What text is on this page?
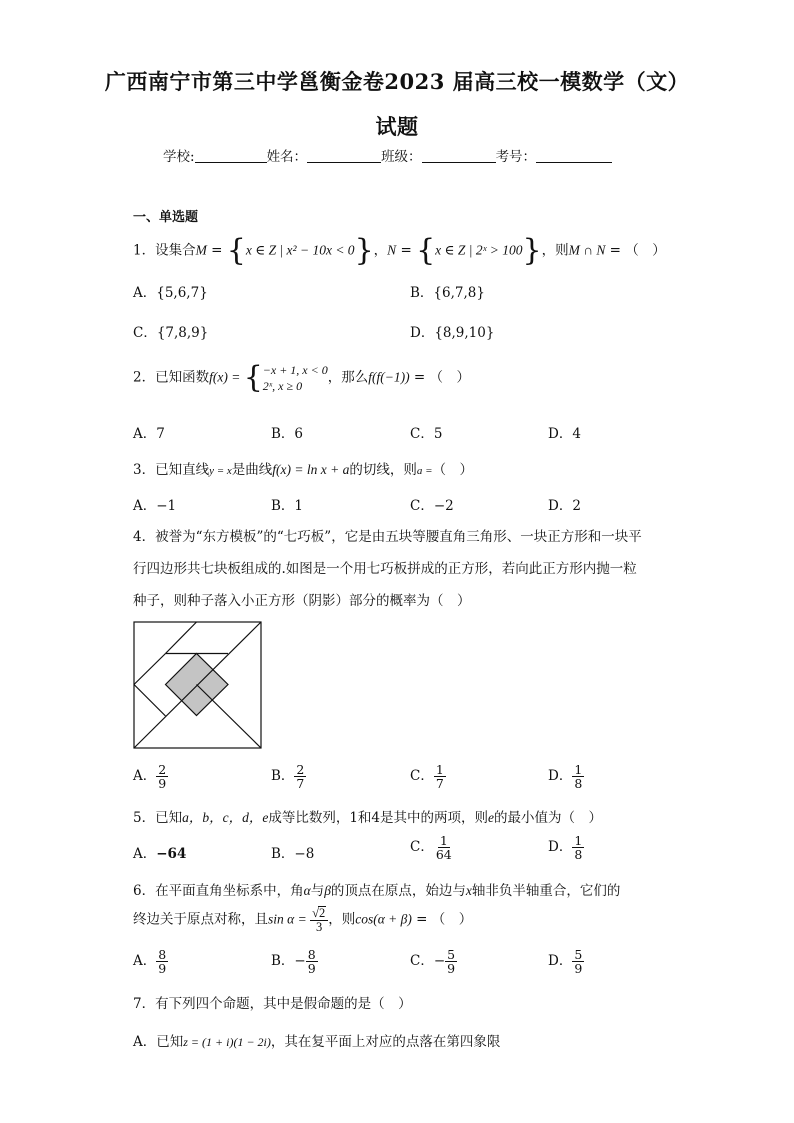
广西南宁市第三中学邕衡金卷2023 届高三校一模数学（文）
试题
学校:	姓名：	班级：	考号：
一、单选题
1．设集合M = {x ∈ Z | x² − 10x < 0}，N = {x ∈ Z | 2ˣ > 100}，则M ∩ N = （　）
A．{5,6,7}	B．{6,7,8}
C．{7,8,9}	D．{8,9,10}
2．已知函数f(x) = { −x + 1, x < 0
2ˣ, x ≥ 0
，那么f(f(−1)) = （　）
A．7	B．6	C．5	D．4
3．已知直线y = x是曲线f(x) = ln x + a的切线，则a =（　）
A．−1	B．1	C．−2	D．2
4．被誉为“东方模板”的“七巧板”，它是由五块等腰直角三角形、一块正方形和一块平
行四边形共七块板组成的.如图是一个用七巧板拼成的正方形，若向此正方形内抛一粒
种子，则种子落入小正方形（阴影）部分的概率为（　）
A． $\frac{2}{9}$	B． $\frac{2}{7}$	C． $\frac{1}{7}$	D． $\frac{1}{8}$
5．已知a，b，c，d，e成等比数列，1和4是其中的两项，则e的最小值为（　）
A．−64	B．−8	C． $\frac{1}{64}$	D． $\frac{1}{8}$
6．在平面直角坐标系中，角α与β的顶点在原点，始边与x轴非负半轴重合，它们的
终边关于原点对称，且$\sin \alpha = \frac{√2}{3}$ ，则cos(α + β) = （　）
A． $\frac{8}{9}$	B．− $\frac{8}{9}$	C．− $\frac{5}{9}$	D． $\frac{5}{9}$
7．有下列四个命题，其中是假命题的是（　）
A．已知z = (1 + i)(1 − 2i)，其在复平面上对应的点落在第四象限
